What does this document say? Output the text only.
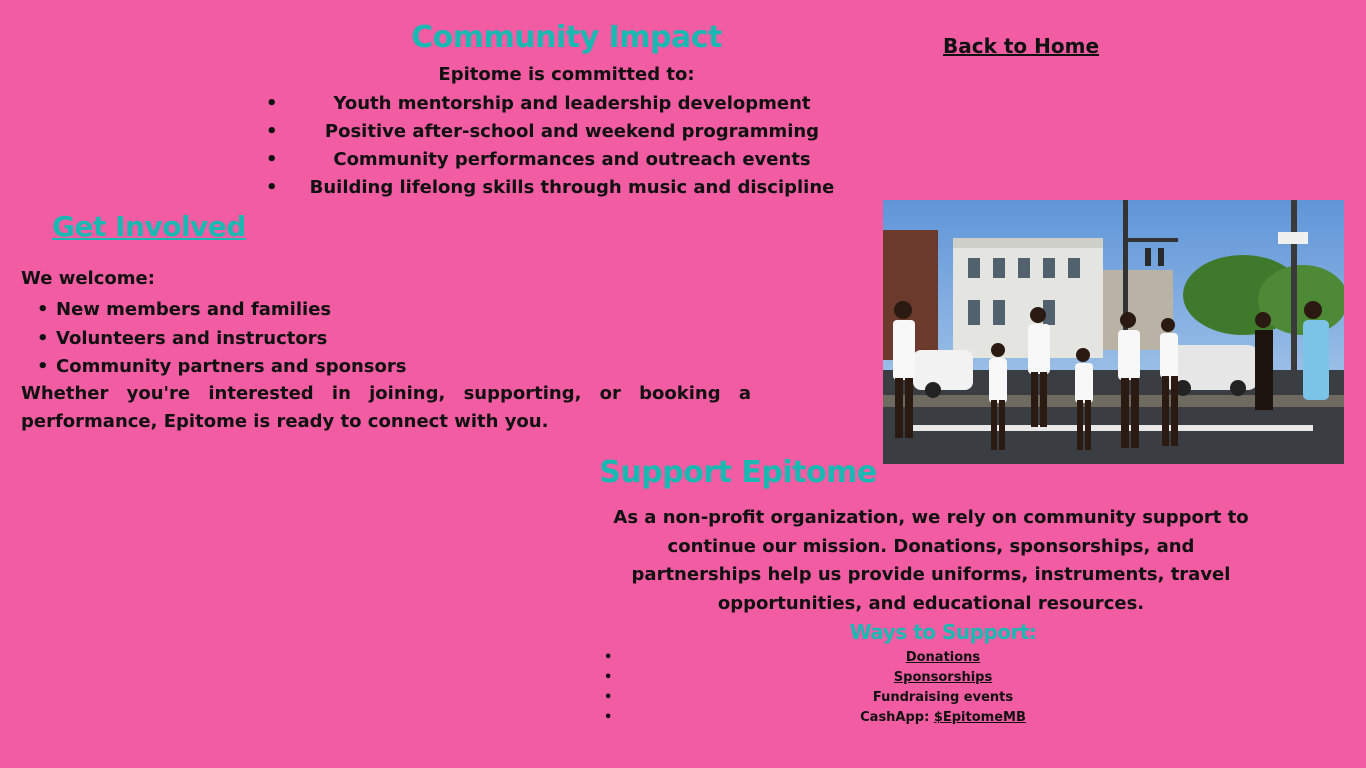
Community Impact	Back to Home
Epitome is committed to:
• Youth mentorship and leadership development
• Positive after-school and weekend programming
• Community performances and outreach events
• Building lifelong skills through music and discipline
Get Involved
We welcome:
• New members and families
• Volunteers and instructors
• Community partners and sponsors
Whether you're interested in joining, supporting, or booking a performance, Epitome is ready to connect with you.
Support Epitome
As a non-profit organization, we rely on community support to continue our mission. Donations, sponsorships, and partnerships help us provide uniforms, instruments, travel opportunities, and educational resources.
Ways to Support:
• Donations
• Sponsorships
• Fundraising events
• CashApp: $EpitomeMB
